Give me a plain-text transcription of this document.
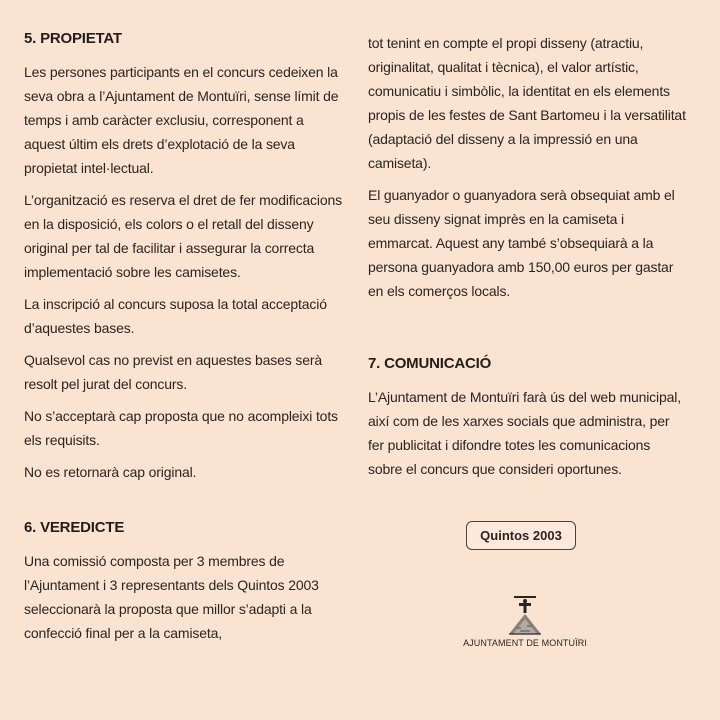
5. PROPIETAT

Les persones participants en el concurs cedeixen la seva obra a l’Ajuntament de Montuïri, sense límit de temps i amb caràcter exclusiu, corresponent a aquest últim els drets d’explotació de la seva propietat intel·lectual.

L’organització es reserva el dret de fer modificacions en la disposició, els colors o el retall del disseny original per tal de facilitar i assegurar la correcta implementació sobre les camisetes.

La inscripció al concurs suposa la total acceptació d’aquestes bases.

Qualsevol cas no previst en aquestes bases serà resolt pel jurat del concurs.

No s’acceptarà cap proposta que no acompleixi tots els requisits.

No es retornarà cap original.

6. VEREDICTE

Una comissió composta per 3 membres de l’Ajuntament i 3 representants dels Quintos 2003 seleccionarà la proposta que millor s’adapti a la confecció final per a la camiseta,

tot tenint en compte el propi disseny (atractiu, originalitat, qualitat i tècnica), el valor artístic, comunicatiu i simbòlic, la identitat en els elements propis de les festes de Sant Bartomeu i la versatilitat (adaptació del disseny a la impressió en una camiseta).

El guanyador o guanyadora serà obsequiat amb el seu disseny signat imprès en la camiseta i emmarcat. Aquest any també s’obsequiarà a la persona guanyadora amb 150,00 euros per gastar en els comerços locals.

7. COMUNICACIÓ

L’Ajuntament de Montuïri farà ús del web municipal, així com de les xarxes socials que administra, per fer publicitat i difondre totes les comunicacions sobre el concurs que consideri oportunes.

Quintos 2003
AJUNTAMENT DE MONTUÏRI
